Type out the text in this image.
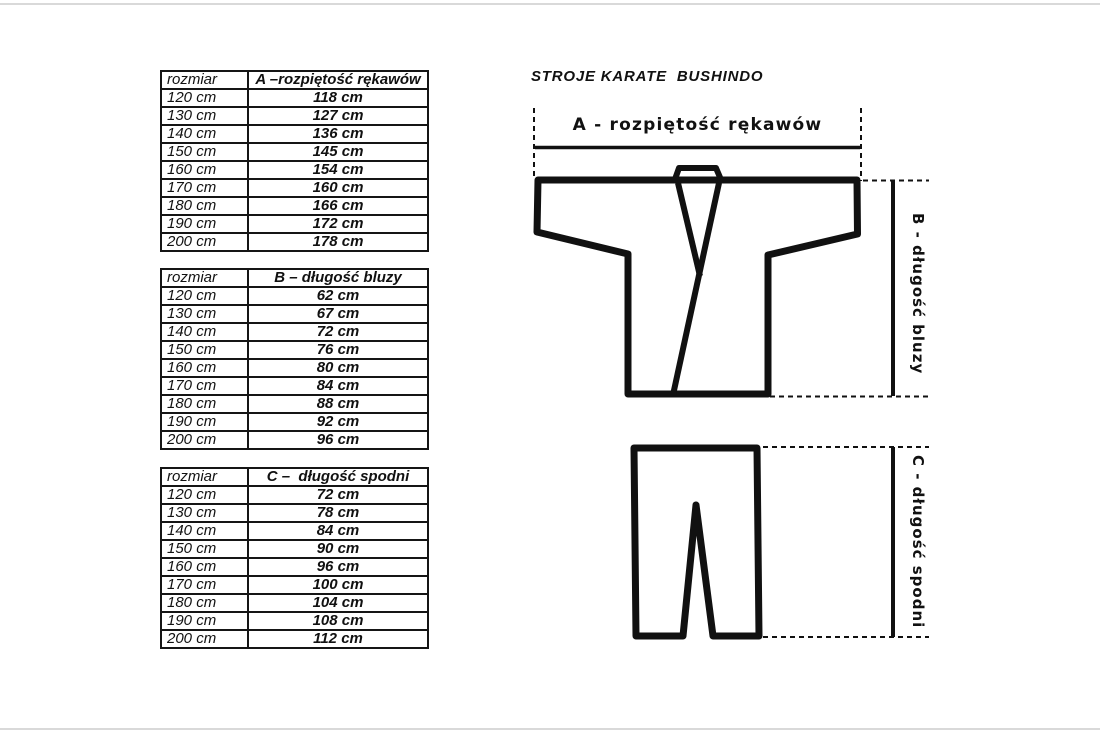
rozmiar	A –rozpiętość rękawów
120 cm	118 cm
130 cm	127 cm
140 cm	136 cm
150 cm	145 cm
160 cm	154 cm
170 cm	160 cm
180 cm	166 cm
190 cm	172 cm
200 cm	178 cm
rozmiar	B – długość bluzy
120 cm	62 cm
130 cm	67 cm
140 cm	72 cm
150 cm	76 cm
160 cm	80 cm
170 cm	84 cm
180 cm	88 cm
190 cm	92 cm
200 cm	96 cm
rozmiar	C –  długość spodni
120 cm	72 cm
130 cm	78 cm
140 cm	84 cm
150 cm	90 cm
160 cm	96 cm
170 cm	100 cm
180 cm	104 cm
190 cm	108 cm
200 cm	112 cm
STROJE KARATE  BUSHINDO
A - rozpiętość rękawów
B - długość bluzy
C - długość spodni
